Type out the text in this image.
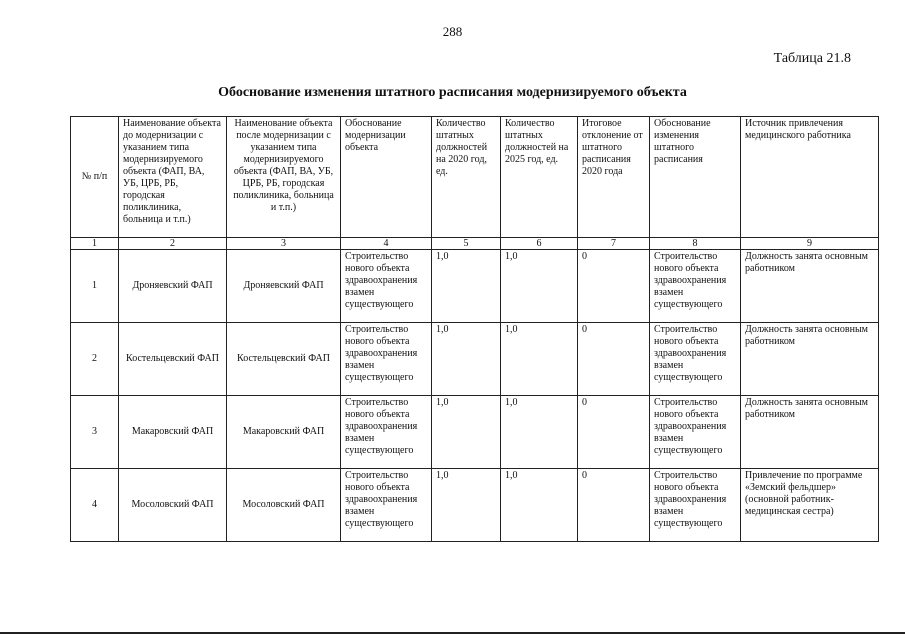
288
Таблица 21.8
Обоснование изменения штатного расписания модернизируемого объекта
№ п/п	Наименование объекта до модернизации с указанием типа модернизируемого объекта (ФАП, ВА, УБ, ЦРБ, РБ, городская поликлиника, больница и т.п.)	Наименование объекта после модернизации с указанием типа модернизируемого объекта (ФАП, ВА, УБ, ЦРБ, РБ, городская поликлиника, больница и т.п.)	Обоснование модернизации объекта	Количество штатных должностей на 2020 год, ед.	Количество штатных должностей на 2025 год, ед.	Итоговое отклонение от штатного расписания 2020 года	Обоснование изменения штатного расписания	Источник привлечения медицинского работника
1	2	3	4	5	6	7	8	9
1	Дроняевский ФАП	Дроняевский ФАП	Строительство нового объекта здравоохранения взамен существующего	1,0	1,0	0	Строительство нового объекта здравоохранения взамен существующего	Должность занята основным работником
2	Костельцевский ФАП	Костельцевский ФАП	Строительство нового объекта здравоохранения взамен существующего	1,0	1,0	0	Строительство нового объекта здравоохранения взамен существующего	Должность занята основным работником
3	Макаровский ФАП	Макаровский ФАП	Строительство нового объекта здравоохранения взамен существующего	1,0	1,0	0	Строительство нового объекта здравоохранения взамен существующего	Должность занята основным работником
4	Мосоловский ФАП	Мосоловский ФАП	Строительство нового объекта здравоохранения взамен существующего	1,0	1,0	0	Строительство нового объекта здравоохранения взамен существующего	Привлечение по программе «Земский фельдшер» (основной работник- медицинская сестра)
